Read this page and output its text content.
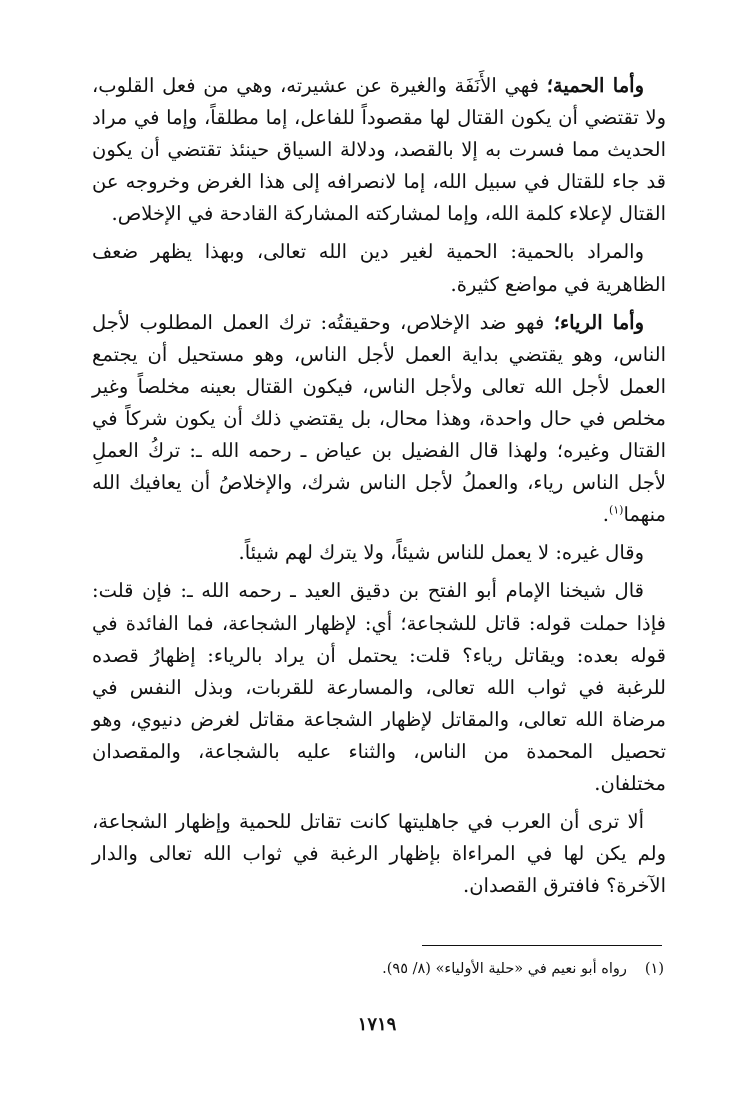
وأما الحمية؛ فهي الأَنَفَة والغيرة عن عشيرته، وهي من فعل القلوب، ولا تقتضي أن يكون القتال لها مقصوداً للفاعل، إما مطلقاً، وإما في مراد الحديث مما فسرت به إلا بالقصد، ودلالة السياق حينئذ تقتضي أن يكون قد جاء للقتال في سبيل الله، إما لانصرافه إلى هذا الغرض وخروجه عن القتال لإعلاء كلمة الله، وإما لمشاركته المشاركة القادحة في الإخلاص.

والمراد بالحمية: الحمية لغير دين الله تعالى، وبهذا يظهر ضعف الظاهرية في مواضع كثيرة.

وأما الرياء؛ فهو ضد الإخلاص، وحقيقتُه: ترك العمل المطلوب لأجل الناس، وهو يقتضي بداية العمل لأجل الناس، وهو مستحيل أن يجتمع العمل لأجل الله تعالى ولأجل الناس، فيكون القتال بعينه مخلصاً وغير مخلص في حال واحدة، وهذا محال، بل يقتضي ذلك أن يكون شركاً في القتال وغيره؛ ولهذا قال الفضيل بن عياض ـ رحمه الله ـ: تركُ العملِ لأجل الناس رياء، والعملُ لأجل الناس شرك، والإخلاصُ أن يعافيك الله منهما$^{(١)}$.

وقال غيره: لا يعمل للناس شيئاً، ولا يترك لهم شيئاً.

قال شيخنا الإمام أبو الفتح بن دقيق العيد ـ رحمه الله ـ: فإن قلت: فإذا حملت قوله: قاتل للشجاعة؛ أي: لإظهار الشجاعة، فما الفائدة في قوله بعده: ويقاتل رياء؟ قلت: يحتمل أن يراد بالرياء: إظهارُ قصده للرغبة في ثواب الله تعالى، والمسارعة للقربات، وبذل النفس في مرضاة الله تعالى، والمقاتل لإظهار الشجاعة مقاتل لغرض دنيوي، وهو تحصيل المحمدة من الناس، والثناء عليه بالشجاعة، والمقصدان مختلفان.

ألا ترى أن العرب في جاهليتها كانت تقاتل للحمية وإظهار الشجاعة، ولم يكن لها في المراءاة بإظهار الرغبة في ثواب الله تعالى والدار الآخرة؟ فافترق القصدان.

(١)رواه أبو نعيم في «حلية الأولياء» (٨/ ٩٥).
١٧١٩
